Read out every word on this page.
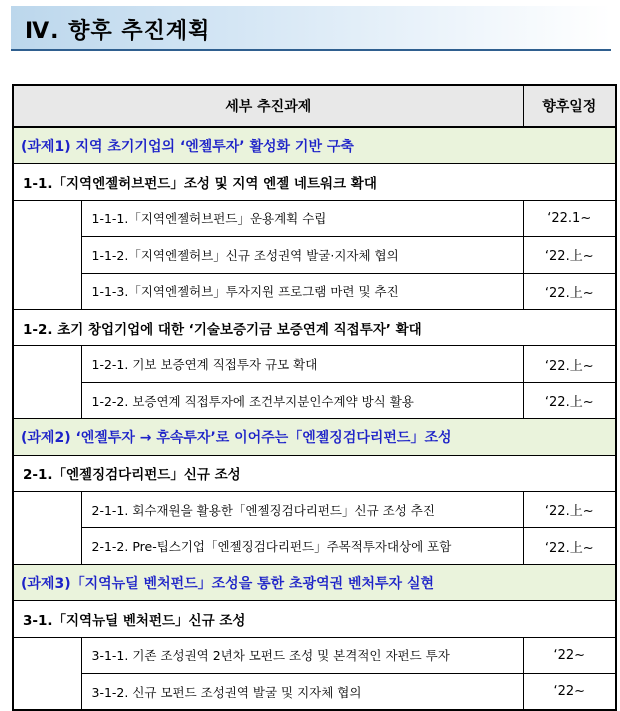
Ⅳ. 향후 추진계획
세부 추진과제		향후일정
(과제1) 지역 초기기업의 ‘엔젤투자’ 활성화 기반 구축		
1-1.「지역엔젤허브펀드」조성 및 지역 엔젤 네트워크 확대		
	1-1-1.「지역엔젤허브펀드」운용계획 수립	‘22.1~
	1-1-2.「지역엔젤허브」신규 조성권역 발굴·지자체 협의	‘22.上~
	1-1-3.「지역엔젤허브」투자지원 프로그램 마련 및 추진	‘22.上~
1-2. 초기 창업기업에 대한 ‘기술보증기금 보증연계 직접투자’ 확대		
	1-2-1. 기보 보증연계 직접투자 규모 확대	‘22.上~
	1-2-2. 보증연계 직접투자에 조건부지분인수계약 방식 활용	‘22.上~
(과제2) ‘엔젤투자 → 후속투자’로 이어주는「엔젤징검다리펀드」조성		
2-1.「엔젤징검다리펀드」신규 조성		
	2-1-1. 회수재원을 활용한「엔젤징검다리펀드」신규 조성 추진	‘22.上~
	2-1-2. Pre-팁스기업「엔젤징검다리펀드」주목적투자대상에 포함	‘22.上~
(과제3)「지역뉴딜 벤처펀드」조성을 통한 초광역권 벤처투자 실현		
3-1.「지역뉴딜 벤처펀드」신규 조성		
	3-1-1. 기존 조성권역 2년차 모펀드 조성 및 본격적인 자펀드 투자	‘22~
	3-1-2. 신규 모펀드 조성권역 발굴 및 지자체 협의	‘22~
